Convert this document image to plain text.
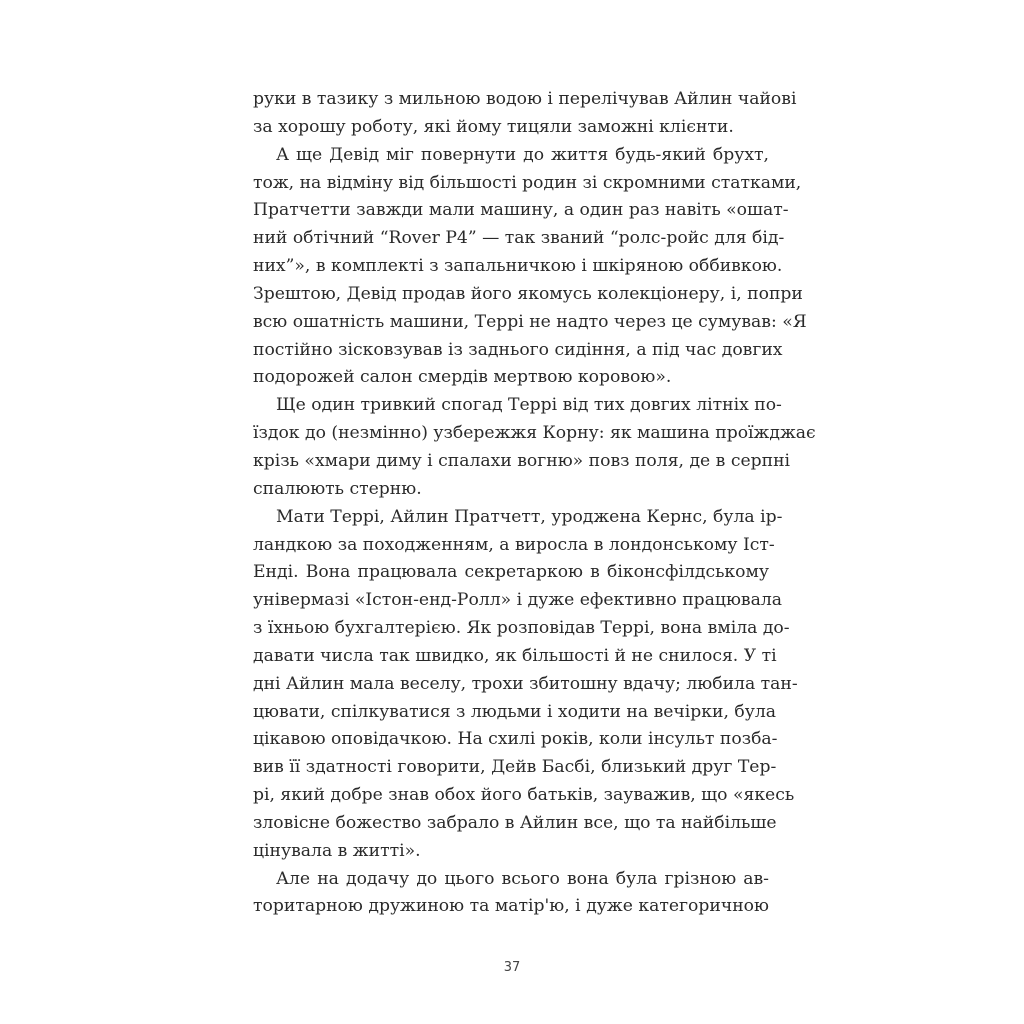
руки в тазику з мильною водою і перелічував Айлин чайові
за хорошу роботу, які йому тицяли заможні клієнти.
А ще Девід міг повернути до життя будь-який брухт,
тож, на відміну від більшості родин зі скромними статками,
Пратчетти завжди мали машину, а один раз навіть «ошат-
ний обтічний “Rover P4” — так званий “ролс-ройс для бід-
них”», в комплекті з запальничкою і шкіряною оббивкою.
Зрештою, Девід продав його якомусь колекціонеру, і, попри
всю ошатність машини, Террі не надто через це сумував: «Я
постійно зісковзував із заднього сидіння, а під час довгих
подорожей салон смердів мертвою коровою».
Ще один тривкий спогад Террі від тих довгих літніх по-
їздок до (незмінно) узбережжя Корну: як машина проїжджає
крізь «хмари диму і спалахи вогню» повз поля, де в серпні
спалюють стерню.
Мати Террі, Айлин Пратчетт, уроджена Кернс, була ір-
ландкою за походженням, а виросла в лондонському Іст-
Енді. Вона працювала секретаркою в біконсфілдському
універмазі «Істон-енд-Ролл» і дуже ефективно працювала
з їхньою бухгалтерією. Як розповідав Террі, вона вміла до-
давати числа так швидко, як більшості й не снилося. У ті
дні Айлин мала веселу, трохи збитошну вдачу; любила тан-
цювати, спілкуватися з людьми і ходити на вечірки, була
цікавою оповідачкою. На схилі років, коли інсульт позба-
вив її здатності говорити, Дейв Басбі, близький друг Тер-
рі, який добре знав обох його батьків, зауважив, що «якесь
зловісне божество забрало в Айлин все, що та найбільше
цінувала в житті».
Але на додачу до цього всього вона була грізною ав-
торитарною дружиною та матір'ю, і дуже категоричною
37
